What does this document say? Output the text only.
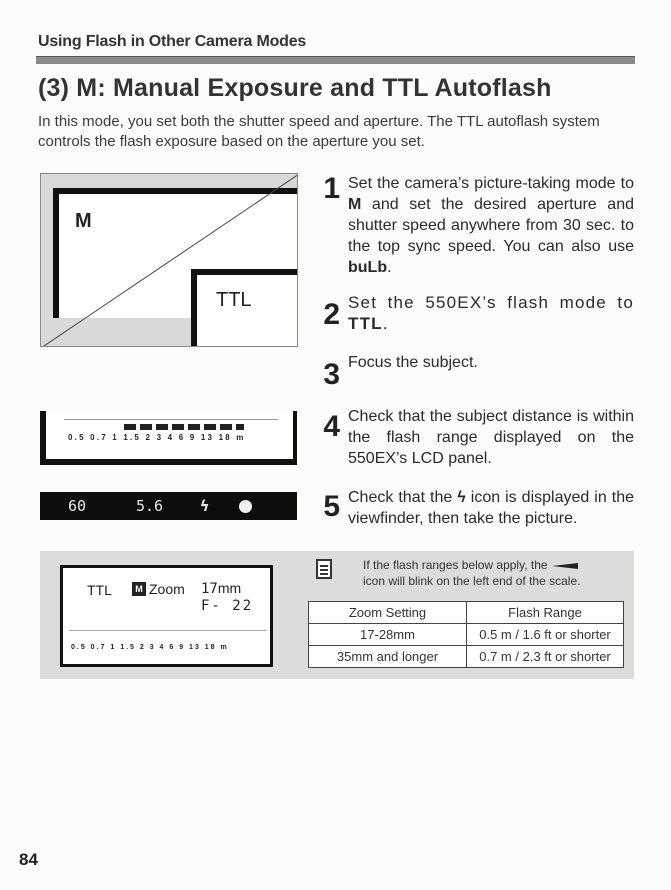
Using Flash in Other Camera Modes
(3) M: Manual Exposure and TTL Autoflash
In this mode, you set both the shutter speed and aperture. The TTL autoflash system controls the flash exposure based on the aperture you set.
M
TTL
0.5 0.7 1 1.5 2 3 4 6 9 13 18 m
60	5.6 ϟ
1 Set the camera’s picture-taking mode to M and set the desired aperture and shutter speed anywhere from 30 sec. to the top sync speed. You can also use buLb.
2 Set the 550EX’s flash mode to TTL.
3 Focus the subject.
4 Check that the subject distance is within the flash range displayed on the 550EX’s LCD panel.
5 Check that the ϟ icon is displayed in the viewfinder, then take the picture.
TTL	M Zoom 17mm
F- 22
0.5 0.7 1 1.5 2 3 4 6 9 13 18 m
If the flash ranges below apply, the
icon will blink on the left end of the scale.
Zoom Setting	Flash Range
17-28mm	0.5 m / 1.6 ft or shorter
35mm and longer	0.7 m / 2.3 ft or shorter
84
